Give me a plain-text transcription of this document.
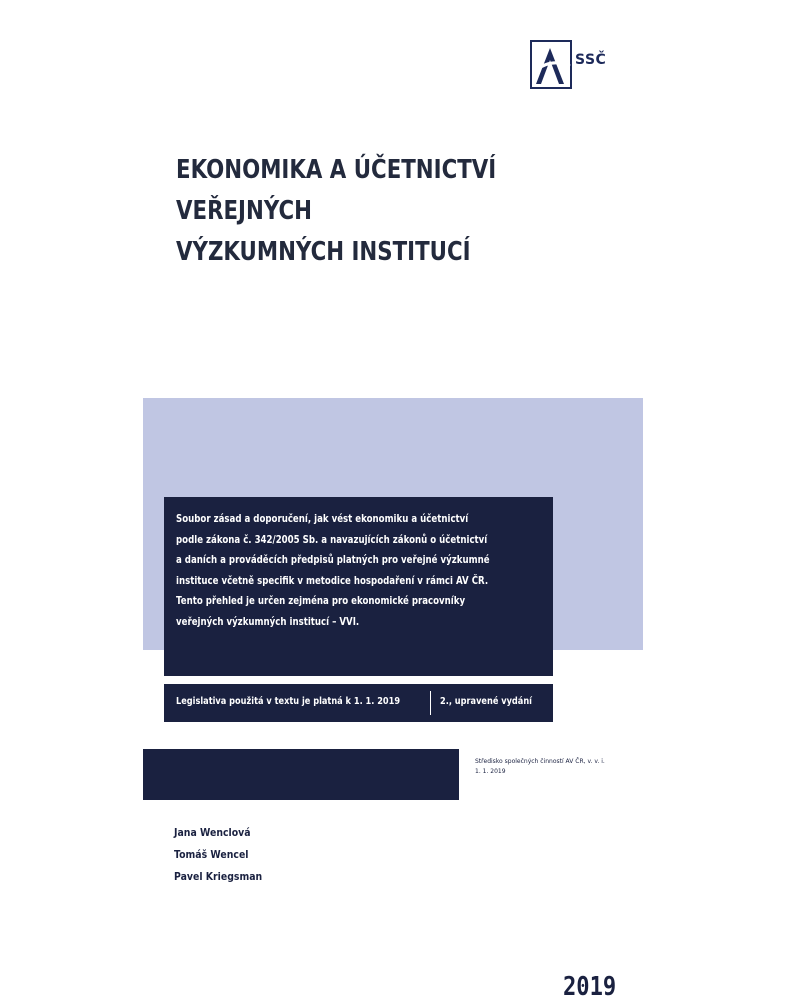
SSČ
EKONOMIKA A ÚČETNICTVÍ
VEŘEJNÝCH
VÝZKUMNÝCH INSTITUCÍ
Jana Wenclová
Tomáš Wencel
Pavel Kriegsman
2019
Soubor zásad a doporučení, jak vést ekonomiku a účetnictví
podle zákona č. 342/2005 Sb. a navazujících zákonů o účetnictví
a daních a prováděcích předpisů platných pro veřejné výzkumné
instituce včetně specifik v metodice hospodaření v rámci AV ČR.
Tento přehled je určen zejména pro ekonomické pracovníky
veřejných výzkumných institucí – VVI.
Legislativa použitá v textu je platná k 1. 1. 2019	2., upravené vydání
Středisko společných činností AV ČR, v. v. i.
1. 1. 2019
